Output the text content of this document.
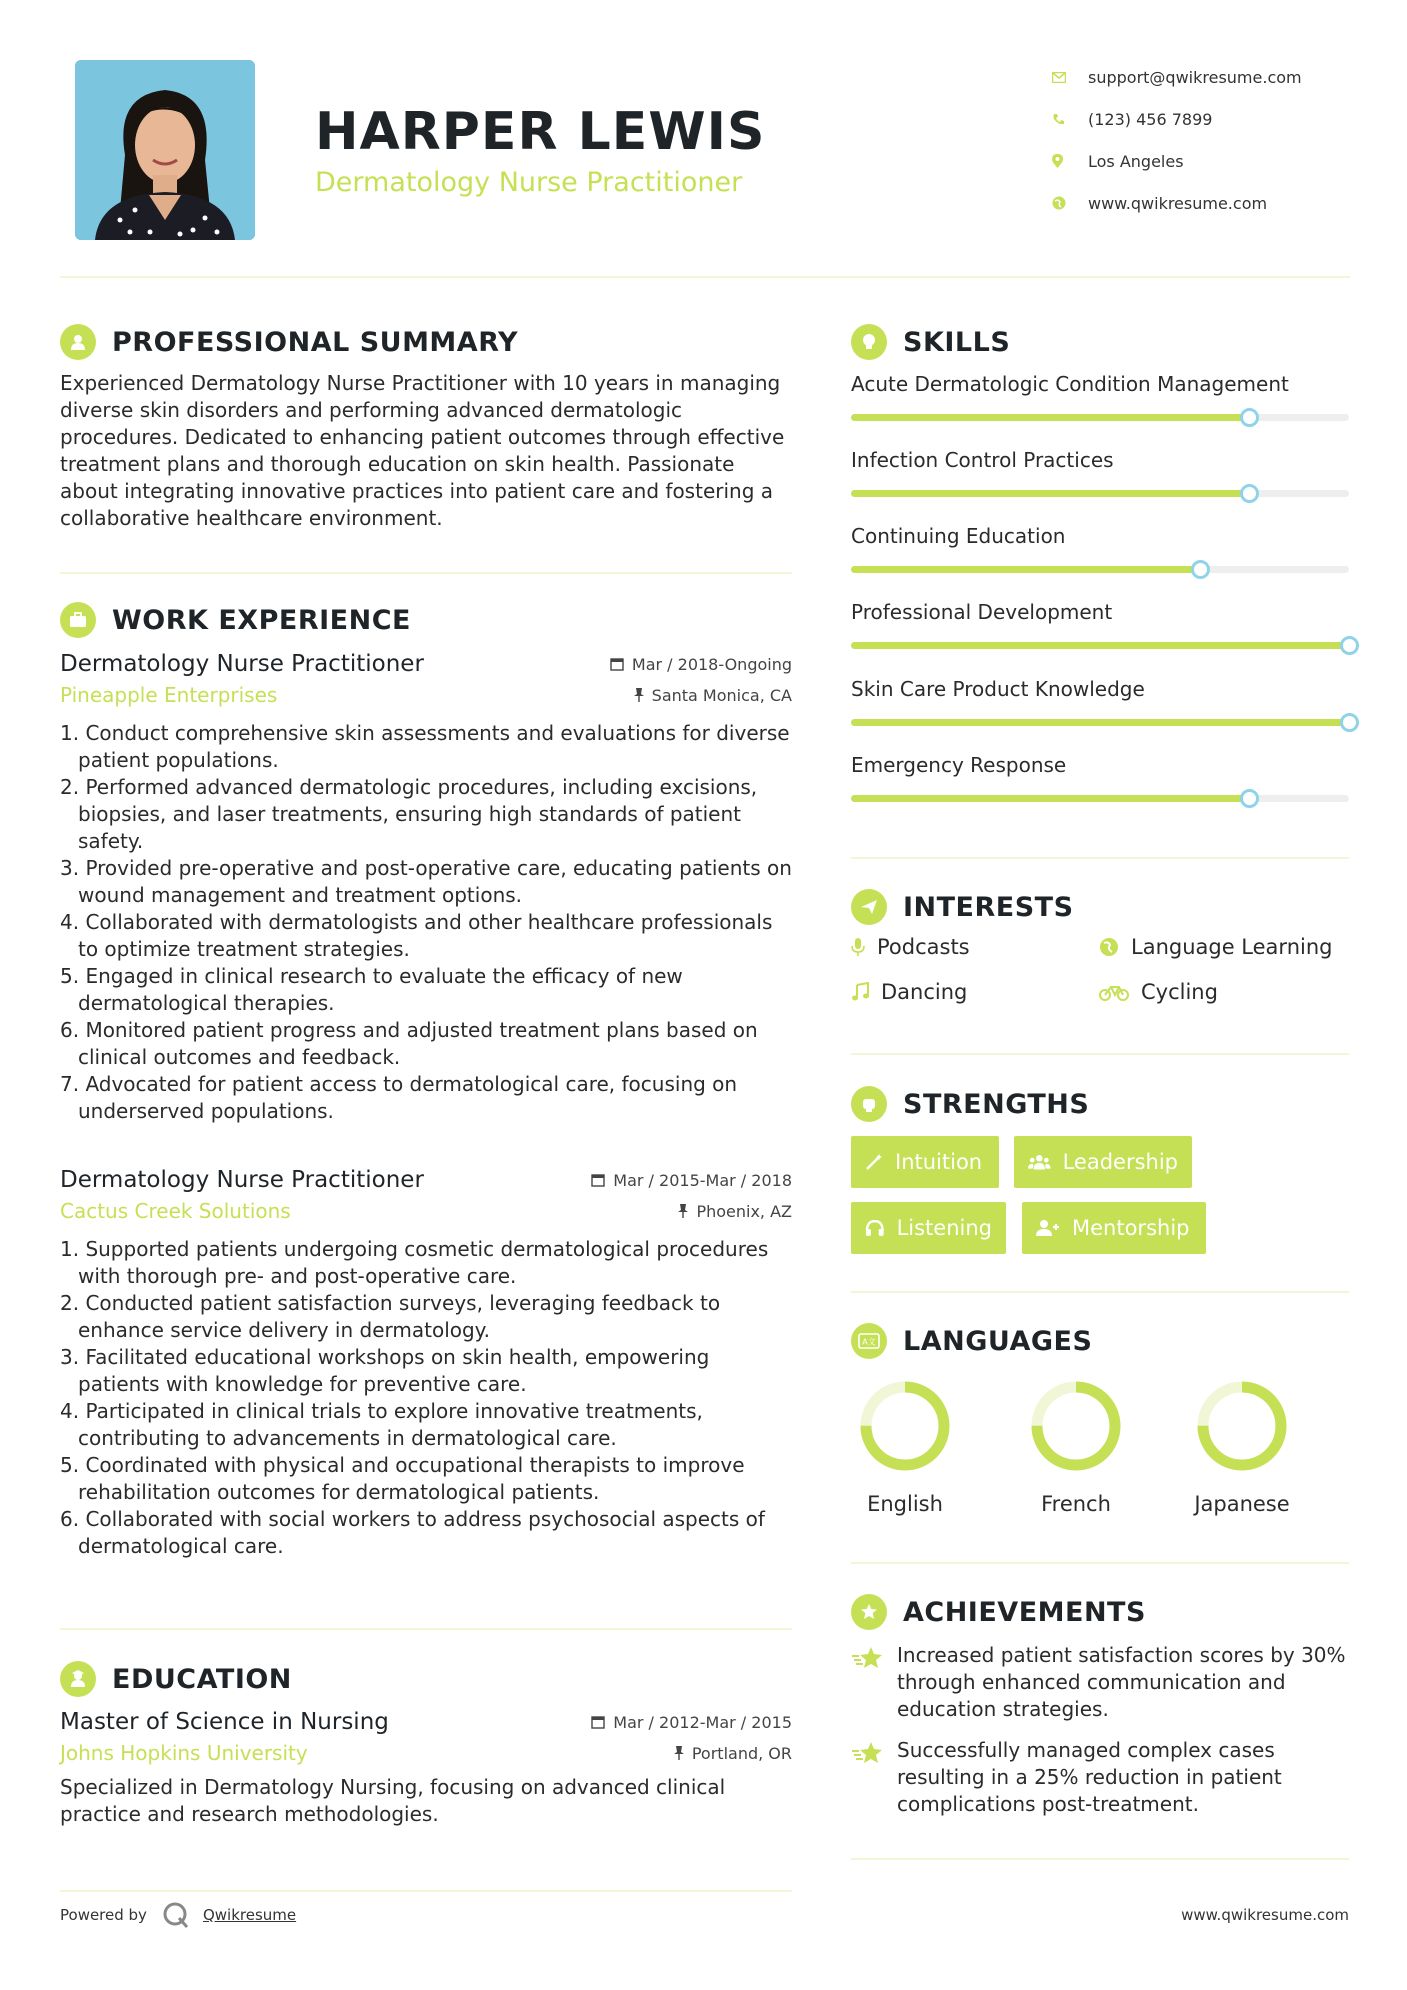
HARPER LEWIS
Dermatology Nurse Practitioner
support@qwikresume.com
(123) 456 7899
Los Angeles
www.qwikresume.com
PROFESSIONAL SUMMARY
Experienced Dermatology Nurse Practitioner with 10 years in managing diverse skin disorders and performing advanced dermatologic procedures. Dedicated to enhancing patient outcomes through effective treatment plans and thorough education on skin health. Passionate about integrating innovative practices into patient care and fostering a collaborative healthcare environment.
WORK EXPERIENCE
Dermatology Nurse Practitioner	Mar / 2018-Ongoing
Pineapple Enterprises	Santa Monica, CA
1. Conduct comprehensive skin assessments and evaluations for diverse patient populations.
2. Performed advanced dermatologic procedures, including excisions, biopsies, and laser treatments, ensuring high standards of patient safety.
3. Provided pre-operative and post-operative care, educating patients on wound management and treatment options.
4. Collaborated with dermatologists and other healthcare professionals to optimize treatment strategies.
5. Engaged in clinical research to evaluate the efficacy of new dermatological therapies.
6. Monitored patient progress and adjusted treatment plans based on clinical outcomes and feedback.
7. Advocated for patient access to dermatological care, focusing on underserved populations.
Dermatology Nurse Practitioner	Mar / 2015-Mar / 2018
Cactus Creek Solutions	Phoenix, AZ
1. Supported patients undergoing cosmetic dermatological procedures with thorough pre- and post-operative care.
2. Conducted patient satisfaction surveys, leveraging feedback to enhance service delivery in dermatology.
3. Facilitated educational workshops on skin health, empowering patients with knowledge for preventive care.
4. Participated in clinical trials to explore innovative treatments, contributing to advancements in dermatological care.
5. Coordinated with physical and occupational therapists to improve rehabilitation outcomes for dermatological patients.
6. Collaborated with social workers to address psychosocial aspects of dermatological care.
EDUCATION
Master of Science in Nursing	Mar / 2012-Mar / 2015
Johns Hopkins University	Portland, OR
Specialized in Dermatology Nursing, focusing on advanced clinical practice and research methodologies.
SKILLS
Acute Dermatologic Condition Management
Infection Control Practices
Continuing Education
Professional Development
Skin Care Product Knowledge
Emergency Response
INTERESTS
Podcasts	Language Learning
Dancing	Cycling
STRENGTHS
Intuition	Leadership
Listening	Mentorship
A文 LANGUAGES
English	French	Japanese
ACHIEVEMENTS
Increased patient satisfaction scores by 30% through enhanced communication and education strategies.
Successfully managed complex cases resulting in a 25% reduction in patient complications post-treatment.
Powered by	Qwikresume	www.qwikresume.com
